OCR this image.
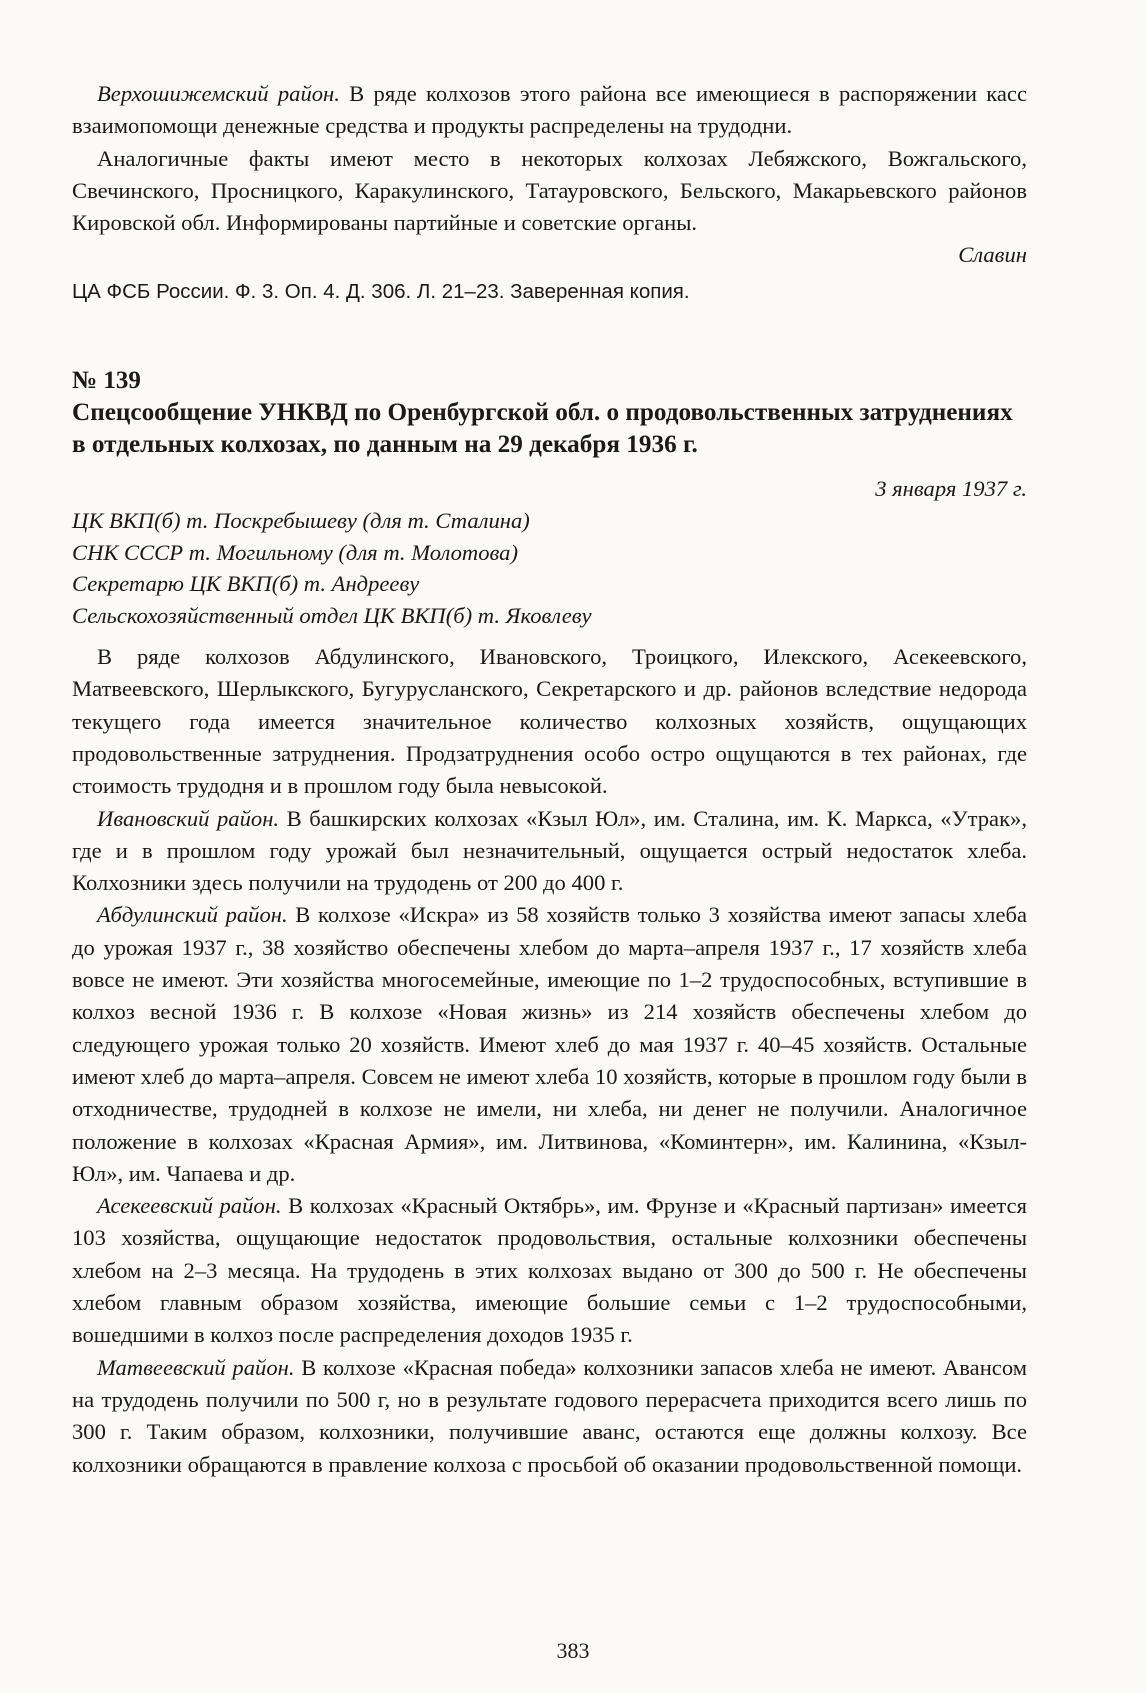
Верхошижемский район. В ряде колхозов этого района все имеющиеся в распоряжении касс взаимопомощи денежные средства и продукты распределены на трудодни.

Аналогичные факты имеют место в некоторых колхозах Лебяжского, Вожгальского, Свечинского, Просницкого, Каракулинского, Татауровского, Бельского, Макарьевского районов Кировской обл. Информированы партийные и советские органы.

Славин

ЦА ФСБ России. Ф. 3. Оп. 4. Д. 306. Л. 21–23. Заверенная копия.

№ 139
Спецсообщение УНКВД по Оренбургской обл. о продовольственных затруднениях в отдельных колхозах, по данным на 29 декабря 1936 г.

3 января 1937 г.

ЦК ВКП(б) т. Поскребышеву (для т. Сталина)

СНК СССР т. Могильному (для т. Молотова)

Секретарю ЦК ВКП(б) т. Андрееву

Сельскохозяйственный отдел ЦК ВКП(б) т. Яковлеву

В ряде колхозов Абдулинского, Ивановского, Троицкого, Илекского, Асекеевского, Матвеевского, Шерлыкского, Бугурусланского, Секретарского и др. районов вследствие недорода текущего года имеется значительное количество колхозных хозяйств, ощущающих продовольственные затруднения. Продзатруднения особо остро ощущаются в тех районах, где стоимость трудодня и в прошлом году была невысокой.

Ивановский район. В башкирских колхозах «Кзыл Юл», им. Сталина, им. К. Маркса, «Утрак», где и в прошлом году урожай был незначительный, ощущается острый недостаток хлеба. Колхозники здесь получили на трудодень от 200 до 400 г.

Абдулинский район. В колхозе «Искра» из 58 хозяйств только 3 хозяйства имеют запасы хлеба до урожая 1937 г., 38 хозяйство обеспечены хлебом до марта–апреля 1937 г., 17 хозяйств хлеба вовсе не имеют. Эти хозяйства многосемейные, имеющие по 1–2 трудоспособных, вступившие в колхоз весной 1936 г. В колхозе «Новая жизнь» из 214 хозяйств обеспечены хлебом до следующего урожая только 20 хозяйств. Имеют хлеб до мая 1937 г. 40–45 хозяйств. Остальные имеют хлеб до марта–апреля. Совсем не имеют хлеба 10 хозяйств, которые в прошлом году были в отходничестве, трудодней в колхозе не имели, ни хлеба, ни денег не получили. Аналогичное положение в колхозах «Красная Армия», им. Литвинова, «Коминтерн», им. Калинина, «Кзыл-Юл», им. Чапаева и др.

Асекеевский район. В колхозах «Красный Октябрь», им. Фрунзе и «Красный партизан» имеется 103 хозяйства, ощущающие недостаток продовольствия, остальные колхозники обеспечены хлебом на 2–3 месяца. На трудодень в этих колхозах выдано от 300 до 500 г. Не обеспечены хлебом главным образом хозяйства, имеющие большие семьи с 1–2 трудоспособными, вошедшими в колхоз после распределения доходов 1935 г.

Матвеевский район. В колхозе «Красная победа» колхозники запасов хлеба не имеют. Авансом на трудодень получили по 500 г, но в результате годового перерасчета приходится всего лишь по 300 г. Таким образом, колхозники, получившие аванс, остаются еще должны колхозу. Все колхозники обращаются в правление колхоза с просьбой об оказании продовольственной помощи.

383
